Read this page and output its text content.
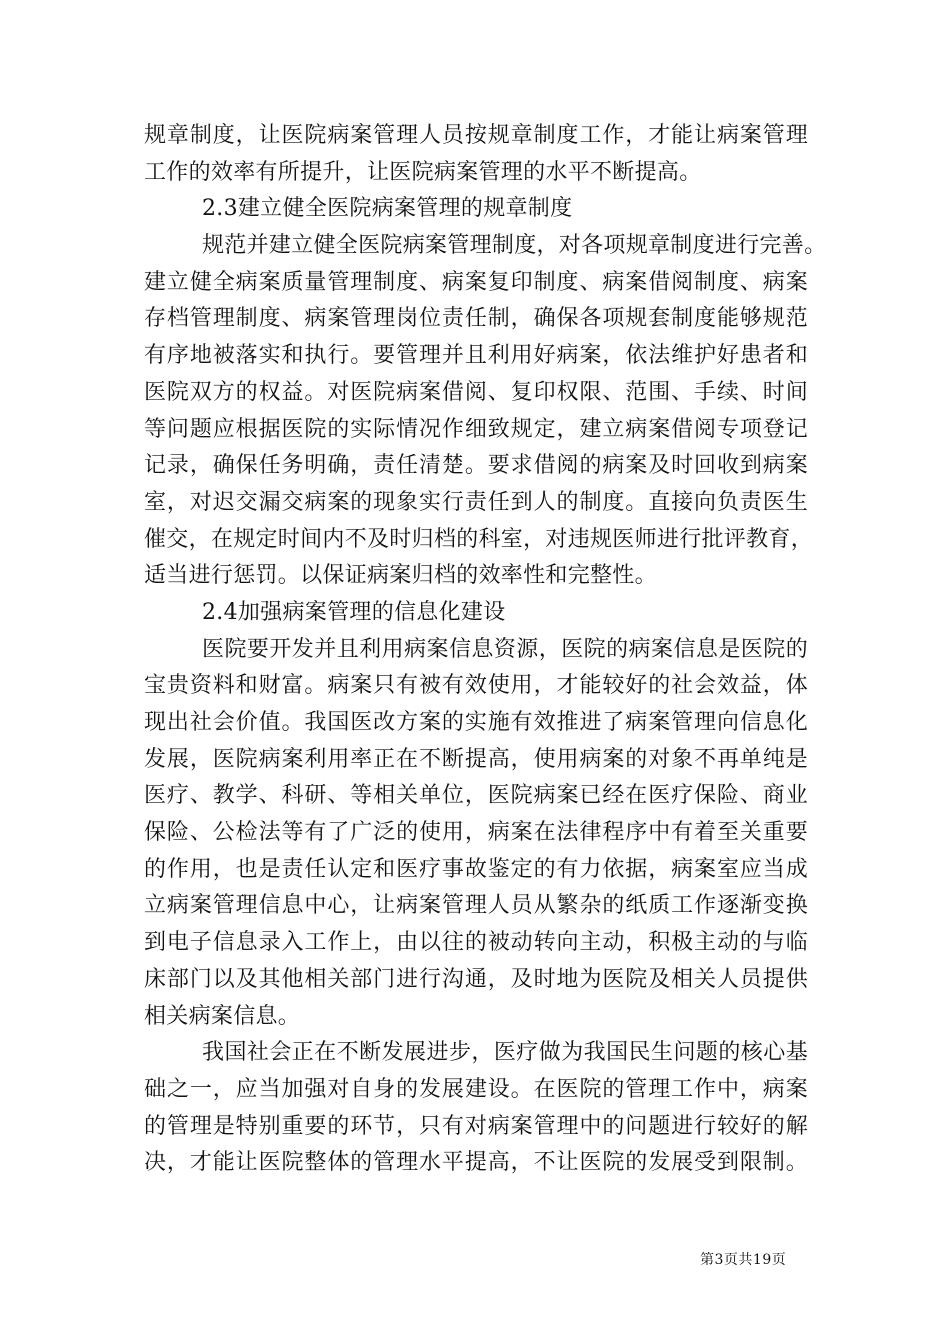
规章制度，让医院病案管理人员按规章制度工作，才能让病案管理
工作的效率有所提升，让医院病案管理的水平不断提高。
2.3建立健全医院病案管理的规章制度
规范并建立健全医院病案管理制度，对各项规章制度进行完善。
建立健全病案质量管理制度、病案复印制度、病案借阅制度、病案
存档管理制度、病案管理岗位责任制，确保各项规套制度能够规范
有序地被落实和执行。要管理并且利用好病案，依法维护好患者和
医院双方的权益。对医院病案借阅、复印权限、范围、手续、时间
等问题应根据医院的实际情况作细致规定，建立病案借阅专项登记
记录，确保任务明确，责任清楚。要求借阅的病案及时回收到病案
室，对迟交漏交病案的现象实行责任到人的制度。直接向负责医生
催交，在规定时间内不及时归档的科室，对违规医师进行批评教育，
适当进行惩罚。以保证病案归档的效率性和完整性。
2.4加强病案管理的信息化建设
医院要开发并且利用病案信息资源，医院的病案信息是医院的
宝贵资料和财富。病案只有被有效使用，才能较好的社会效益，体
现出社会价值。我国医改方案的实施有效推进了病案管理向信息化
发展，医院病案利用率正在不断提高，使用病案的对象不再单纯是
医疗、教学、科研、等相关单位，医院病案已经在医疗保险、商业
保险、公检法等有了广泛的使用，病案在法律程序中有着至关重要
的作用，也是责任认定和医疗事故鉴定的有力依据，病案室应当成
立病案管理信息中心，让病案管理人员从繁杂的纸质工作逐渐变换
到电子信息录入工作上，由以往的被动转向主动，积极主动的与临
床部门以及其他相关部门进行沟通，及时地为医院及相关人员提供
相关病案信息。
我国社会正在不断发展进步，医疗做为我国民生问题的核心基
础之一，应当加强对自身的发展建设。在医院的管理工作中，病案
的管理是特别重要的环节，只有对病案管理中的问题进行较好的解
决，才能让医院整体的管理水平提高，不让医院的发展受到限制。
第3页共19页
